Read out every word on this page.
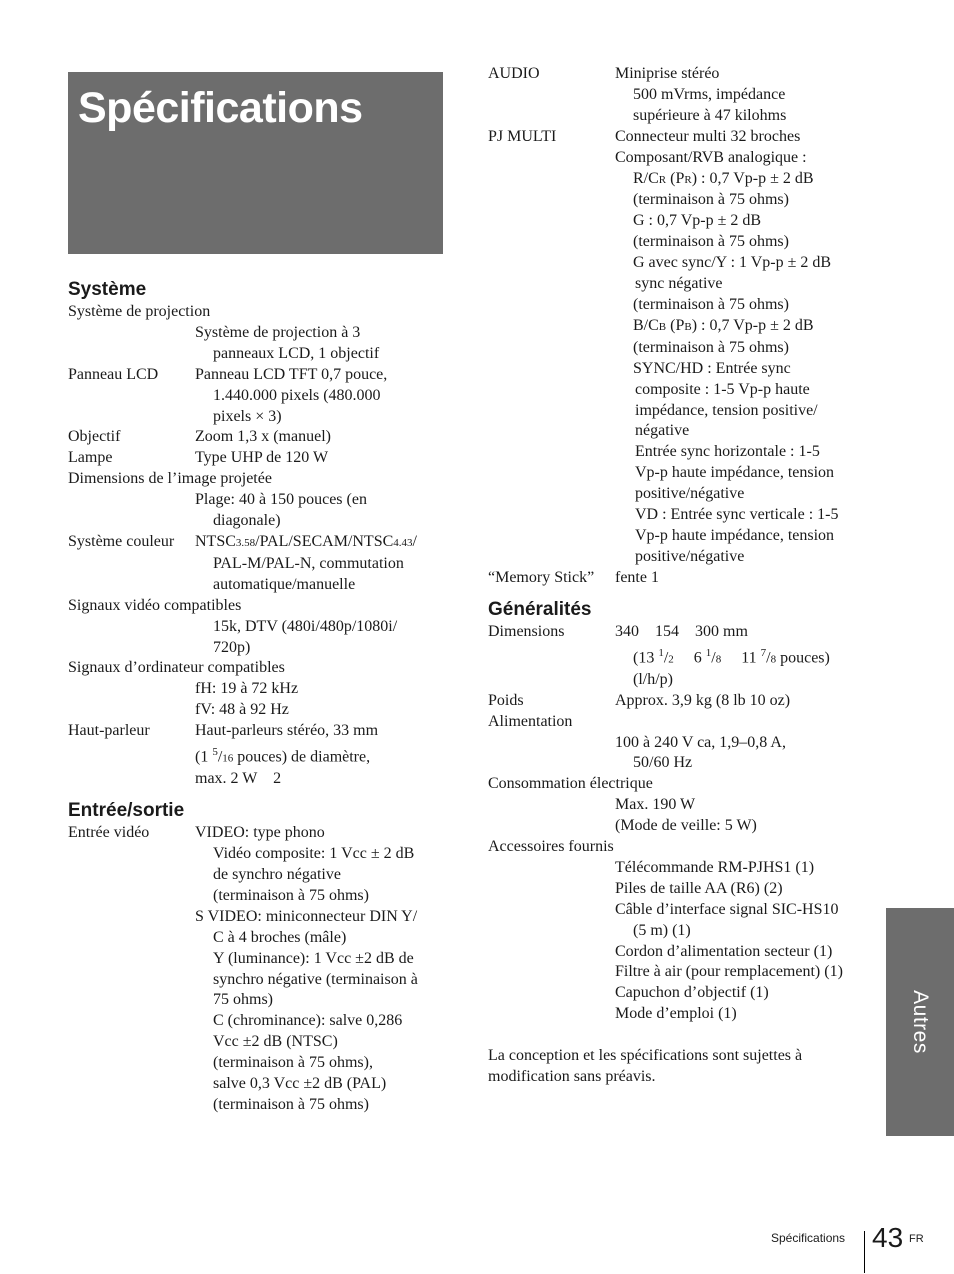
Spécifications
Système
Système de projection
Système de projection à 3
panneaux LCD, 1 objectif
Panneau LCD Panneau LCD TFT 0,7 pouce,
1.440.000 pixels (480.000
pixels × 3)
Objectif	Zoom 1,3 x (manuel)
Lampe	Type UHP de 120 W
Dimensions de l’image projetée
Plage: 40 à 150 pouces (en
diagonale)
Système couleur NTSC3.58/PAL/SECAM/NTSC4.43/
PAL-M/PAL-N, commutation
automatique/manuelle
Signaux vidéo compatibles
15k, DTV (480i/480p/1080i/
720p)
Signaux d’ordinateur compatibles
fH: 19 à 72 kHz
fV: 48 à 92 Hz
Haut-parleur	Haut-parleurs stéréo, 33 mm
(1 $^5$/16 pouces) de diamètre,
max. 2 W    2
Entrée/sortie
Entrée vidéo	VIDEO: type phono
Vidéo composite: 1 Vcc ± 2 dB
de synchro négative
(terminaison à 75 ohms)
S VIDEO: miniconnecteur DIN Y/
C à 4 broches (mâle)
Y (luminance): 1 Vcc ±2 dB de
synchro négative (terminaison à
75 ohms)
C (chrominance): salve 0,286
Vcc ±2 dB (NTSC)
(terminaison à 75 ohms),
salve 0,3 Vcc ±2 dB (PAL)
(terminaison à 75 ohms)
AUDIO	Miniprise stéréo
500 mVrms, impédance
supérieure à 47 kilohms
PJ MULTI	Connecteur multi 32 broches
Composant/RVB analogique :
R/CR (PR) : 0,7 Vp-p ± 2 dB
(terminaison à 75 ohms)
G : 0,7 Vp-p ± 2 dB
(terminaison à 75 ohms)
G avec sync/Y : 1 Vp-p ± 2 dB
sync négative
(terminaison à 75 ohms)
B/CB (PB) : 0,7 Vp-p ± 2 dB
(terminaison à 75 ohms)
SYNC/HD : Entrée sync
composite : 1-5 Vp-p haute
impédance, tension positive/
négative
Entrée sync horizontale : 1-5
Vp-p haute impédance, tension
positive/négative
VD : Entrée sync verticale : 1-5
Vp-p haute impédance, tension
positive/négative
“Memory Stick” fente 1
Généralités
Dimensions	340    154    300 mm
(13 $^1$/2     6 $^1$/8     11 $^7$/8 pouces)
(l/h/p)
Poids	Approx. 3,9 kg (8 lb 10 oz)
Alimentation
100 à 240 V ca, 1,9–0,8 A,
50/60 Hz
Consommation électrique
Max. 190 W
(Mode de veille: 5 W)
Accessoires fournis
Télécommande RM-PJHS1 (1)
Piles de taille AA (R6) (2)
Câble d’interface signal SIC-HS10
(5 m) (1)
Cordon d’alimentation secteur (1)
Filtre à air (pour remplacement) (1)
Capuchon d’objectif (1)
Mode d’emploi (1)
La conception et les spécifications sont sujettes à
modification sans préavis.
Autres
Spécifications 43 FR
